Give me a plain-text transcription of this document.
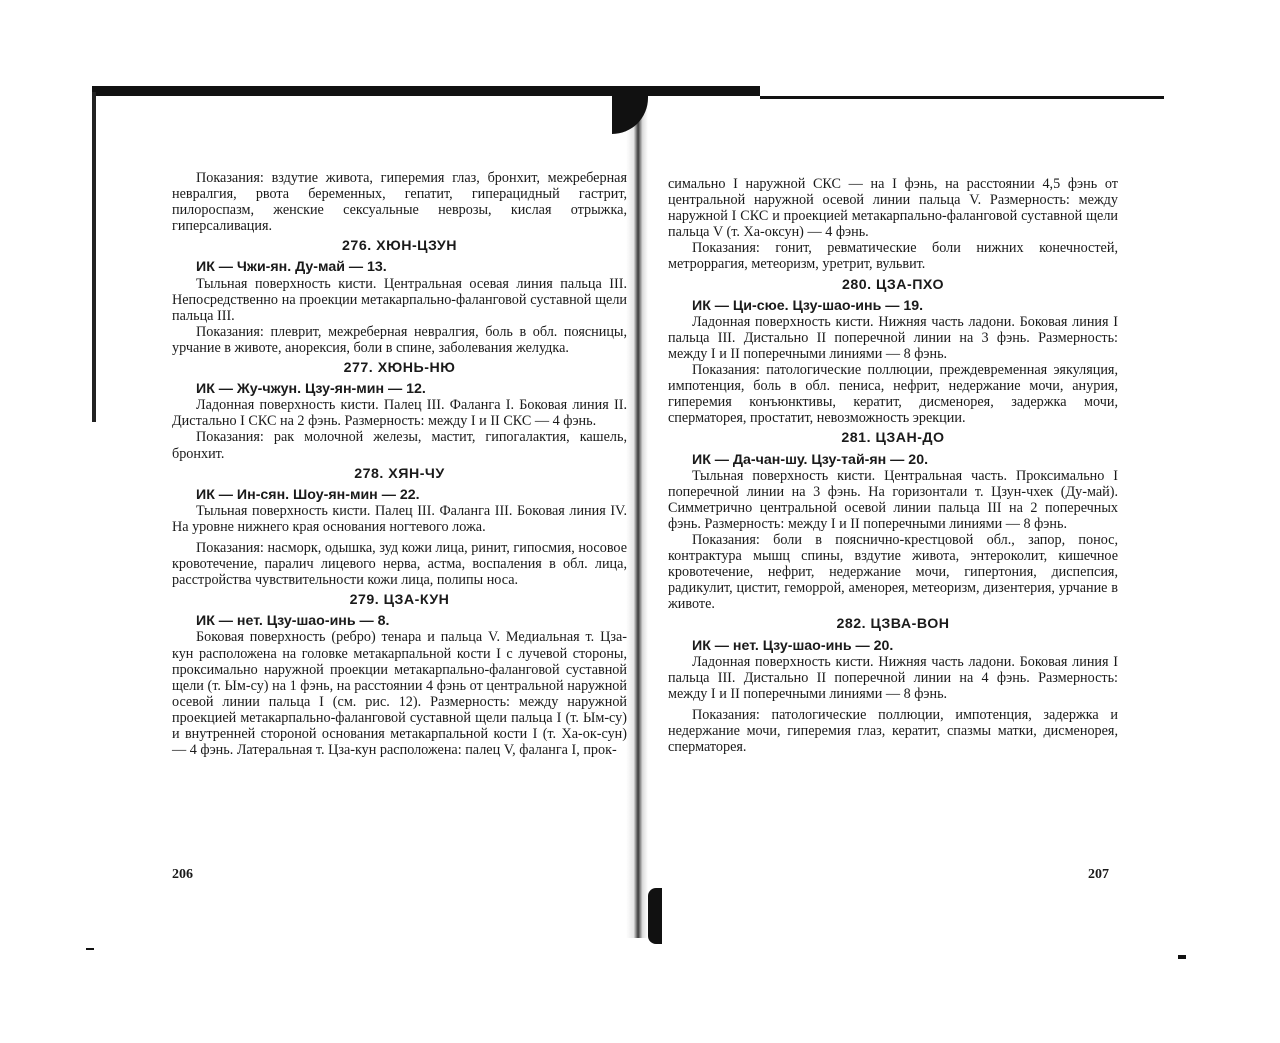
Показания: вздутие живота, гиперемия глаз, бронхит, межреберная невралгия, рвота беременных, гепатит, гиперацидный гастрит, пилороспазм, женские сексуальные неврозы, кислая отрыжка, гиперсаливация.

276. ХЮН-ЦЗУН

ИК — Чжи-ян. Ду-май — 13.

Тыльная поверхность кисти. Центральная осевая линия пальца III. Непосредственно на проекции метакарпально-фаланговой суставной щели пальца III.

Показания: плеврит, межреберная невралгия, боль в обл. поясницы, урчание в животе, анорексия, боли в спине, заболевания желудка.

277. ХЮНЬ-НЮ

ИК — Жу-чжун. Цзу-ян-мин — 12.

Ладонная поверхность кисти. Палец III. Фаланга I. Боковая линия II. Дистально I СКС на 2 фэнь. Размерность: между I и II СКС — 4 фэнь.

Показания: рак молочной железы, мастит, гипогалактия, кашель, бронхит.

278. ХЯН-ЧУ

ИК — Ин-сян. Шоу-ян-мин — 22.

Тыльная поверхность кисти. Палец III. Фаланга III. Боковая линия IV. На уровне нижнего края основания ногтевого ложа.

Показания: насморк, одышка, зуд кожи лица, ринит, гипосмия, носовое кровотечение, паралич лицевого нерва, астма, воспаления в обл. лица, расстройства чувствительности кожи лица, полипы носа.

279. ЦЗА-КУН

ИК — нет. Цзу-шао-инь — 8.

Боковая поверхность (ребро) тенара и пальца V. Медиальная т. Цза-кун расположена на головке метакарпальной кости I с лучевой стороны, проксимально наружной проекции метакарпально-фаланговой суставной щели (т. Ым-су) на 1 фэнь, на расстоянии 4 фэнь от центральной наружной осевой линии пальца I (см. рис. 12). Размерность: между наружной проекцией метакарпально-фаланговой суставной щели пальца I (т. Ым-су) и внутренней стороной основания метакарпальной кости I (т. Ха-ок-сун) — 4 фэнь. Латеральная т. Цза-кун расположена: палец V, фаланга I, прок-

206

симально I наружной СКС — на I фэнь, на расстоянии 4,5 фэнь от центральной наружной осевой линии пальца V. Размерность: между наружной I СКС и проекцией метакарпально-фаланговой суставной щели пальца V (т. Ха-оксун) — 4 фэнь.

Показания: гонит, ревматические боли нижних конечностей, метроррагия, метеоризм, уретрит, вульвит.

280. ЦЗА-ПХО

ИК — Ци-сюе. Цзу-шао-инь — 19.

Ладонная поверхность кисти. Нижняя часть ладони. Боковая линия I пальца III. Дистально II поперечной линии на 3 фэнь. Размерность: между I и II поперечными линиями — 8 фэнь.

Показания: патологические поллюции, преждевременная эякуляция, импотенция, боль в обл. пениса, нефрит, недержание мочи, анурия, гиперемия конъюнктивы, кератит, дисменорея, задержка мочи, сперматорея, простатит, невозможность эрекции.

281. ЦЗАН-ДО

ИК — Да-чан-шу. Цзу-тай-ян — 20.

Тыльная поверхность кисти. Центральная часть. Проксимально I поперечной линии на 3 фэнь. На горизонтали т. Цзун-чхек (Ду-май). Симметрично центральной осевой линии пальца III на 2 поперечных фэнь. Размерность: между I и II поперечными линиями — 8 фэнь.

Показания: боли в пояснично-крестцовой обл., запор, понос, контрактура мышц спины, вздутие живота, энтероколит, кишечное кровотечение, нефрит, недержание мочи, гипертония, диспепсия, радикулит, цистит, геморрой, аменорея, метеоризм, дизентерия, урчание в животе.

282. ЦЗВА-ВОН

ИК — нет. Цзу-шао-инь — 20.

Ладонная поверхность кисти. Нижняя часть ладони. Боковая линия I пальца III. Дистально II поперечной линии на 4 фэнь. Размерность: между I и II поперечными линиями — 8 фэнь.

Показания: патологические поллюции, импотенция, задержка и недержание мочи, гиперемия глаз, кератит, спазмы матки, дисменорея, сперматорея.

207
